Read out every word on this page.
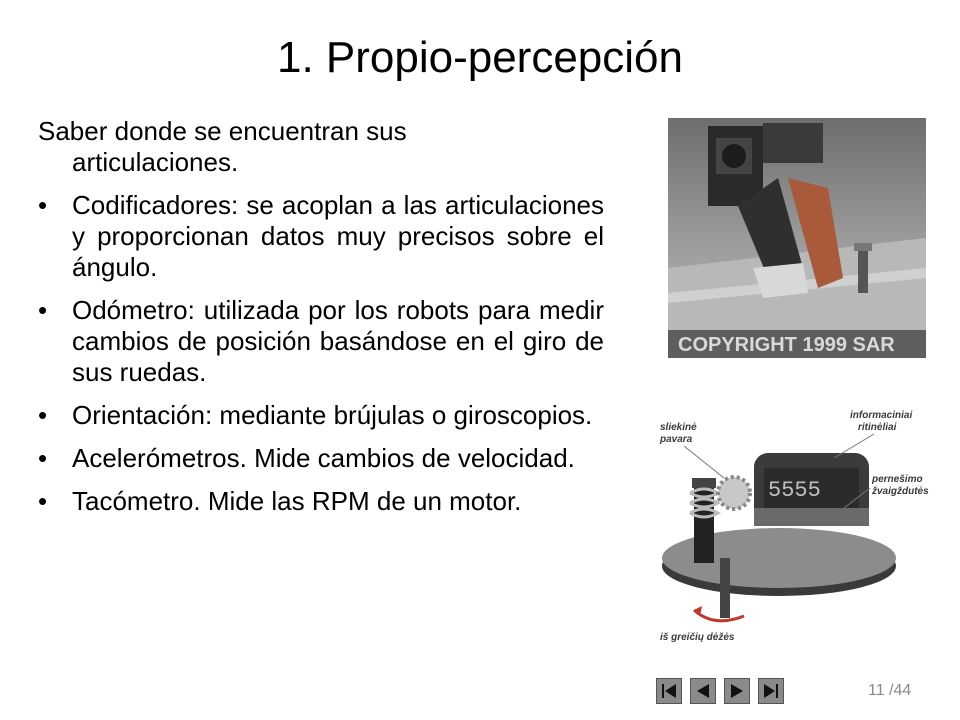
1. Propio-percepción

Saber donde se encuentran sus
articulaciones.

• Codificadores: se acoplan a las articulaciones y proporcionan datos muy precisos sobre el ángulo.
• Odómetro: utilizada por los robots para medir cambios de posición basándose en el giro de sus ruedas.
• Orientación: mediante brújulas o giroscopios.
• Acelerómetros. Mide cambios de velocidad.
• Tacómetro. Mide las RPM de un motor.
COPYRIGHT 1999 SAR
5555
sliekinė
pavara
informaciniai
ritinėliai
pernešimo
žvaigždutės
iš greičių dėžės
11 /44
